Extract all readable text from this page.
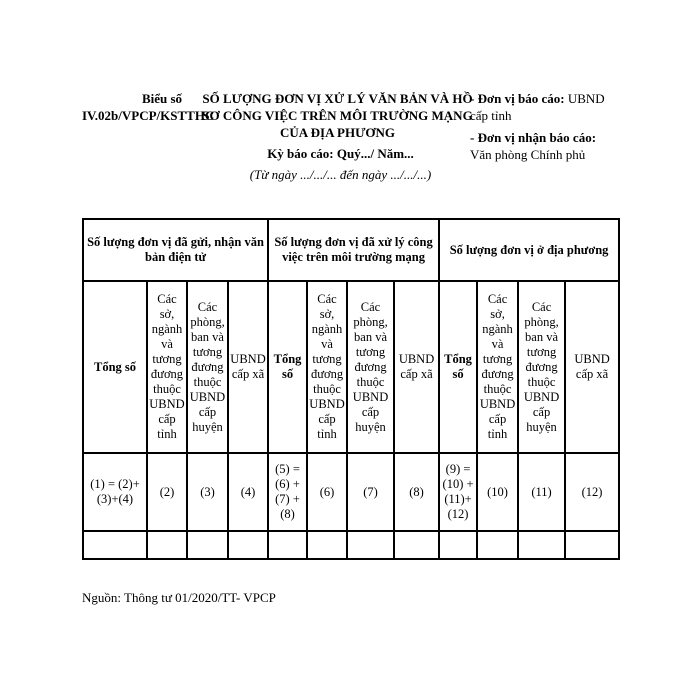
Biểu số
IV.02b/VPCP/KSTTHC
SỐ LƯỢNG ĐƠN VỊ XỬ LÝ VĂN BẢN VÀ HỒ SƠ CÔNG VIỆC TRÊN MÔI TRƯỜNG MẠNG CỦA ĐỊA PHƯƠNG
Kỳ báo cáo: Quý.../ Năm...
(Từ ngày .../.../... đến ngày .../.../...)
- Đơn vị báo cáo: UBND cấp tỉnh
- Đơn vị nhận báo cáo: Văn phòng Chính phủ
Số lượng đơn vị đã gửi, nhận văn bản điện tử				Số lượng đơn vị đã xử lý công việc trên môi trường mạng				Số lượng đơn vị ở địa phương			
Tổng số	Các sở, ngành và tương đương thuộc UBND cấp tỉnh	Các phòng, ban và tương đương thuộc UBND cấp huyện	UBND cấp xã	Tổng số	Các sở, ngành và tương đương thuộc UBND cấp tỉnh	Các phòng, ban và tương đương thuộc UBND cấp huyện	UBND cấp xã	Tổng số	Các sở, ngành và tương đương thuộc UBND cấp tỉnh	Các phòng, ban và tương đương thuộc UBND cấp huyện	UBND cấp xã
(1) = (2)+(3)+(4)	(2)	(3)	(4)	(5) = (6) + (7) + (8)	(6)	(7)	(8)	(9) = (10) + (11)+ (12)	(10)	(11)	(12)

Nguồn: Thông tư 01/2020/TT- VPCP
